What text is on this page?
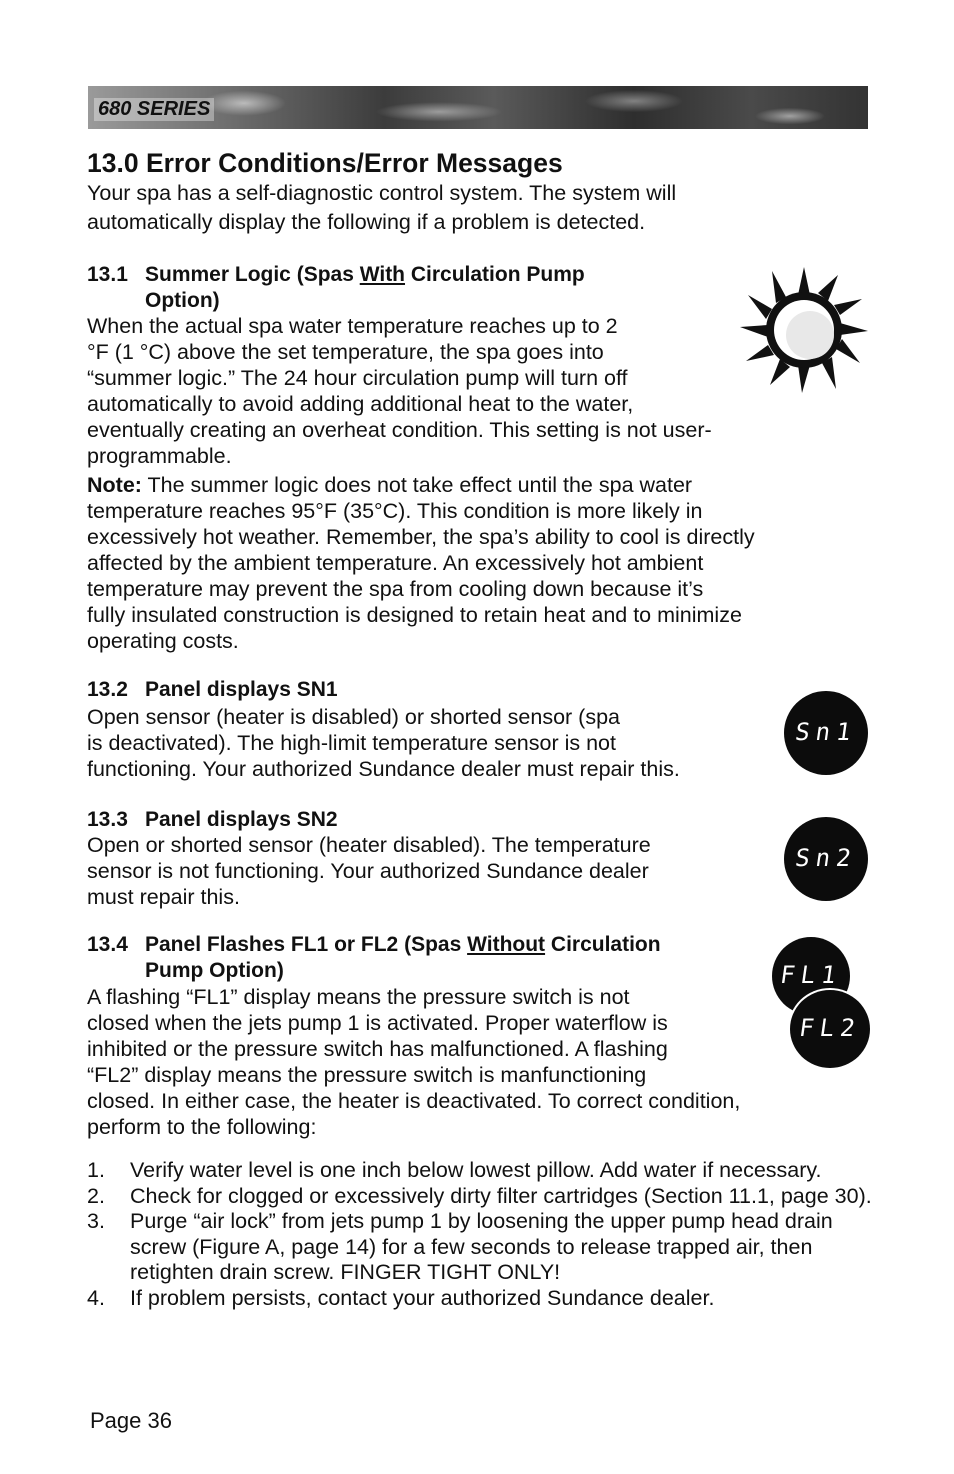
680 SERIES
13.0 Error Conditions/Error Messages

Your spa has a self-diagnostic control system. The system will

automatically display the following if a problem is detected.

13.1 Summer Logic (Spas With Circulation Pump
Option)
When the actual spa water temperature reaches up to 2
°F (1 °C) above the set temperature, the spa goes into
“summer logic.” The 24 hour circulation pump will turn off
automatically to avoid adding additional heat to the water,
eventually creating an overheat condition. This setting is not user-
programmable.
Note: The summer logic does not take effect until the spa water
temperature reaches 95°F (35°C). This condition is more likely in
excessively hot weather. Remember, the spa’s ability to cool is directly
affected by the ambient temperature. An excessively hot ambient
temperature may prevent the spa from cooling down because it’s
fully insulated construction is designed to retain heat and to minimize
operating costs.
13.2 Panel displays SN1
Open sensor (heater is disabled) or shorted sensor (spa
is deactivated). The high-limit temperature sensor is not
functioning. Your authorized Sundance dealer must repair this.
Sn1
13.3 Panel displays SN2
Open or shorted sensor (heater disabled). The temperature
sensor is not functioning. Your authorized Sundance dealer
must repair this.
Sn2
13.4 Panel Flashes FL1 or FL2 (Spas Without Circulation
Pump Option)
A flashing “FL1” display means the pressure switch is not
closed when the jets pump 1 is activated. Proper waterflow is
inhibited or the pressure switch has malfunctioned. A flashing
“FL2” display means the pressure switch is manfunctioning
closed. In either case, the heater is deactivated. To correct condition,
perform to the following:
FL1
FL2
1.	Verify water level is one inch below lowest pillow. Add water if necessary.
2.	Check for clogged or excessively dirty filter cartridges (Section 11.1, page 30).
3.	Purge “air lock” from jets pump 1 by loosening the upper pump head drain screw (Figure A, page 14) for a few seconds to release trapped air, then retighten drain screw. FINGER TIGHT ONLY!
4.	If problem persists, contact your authorized Sundance dealer.
Page 36
